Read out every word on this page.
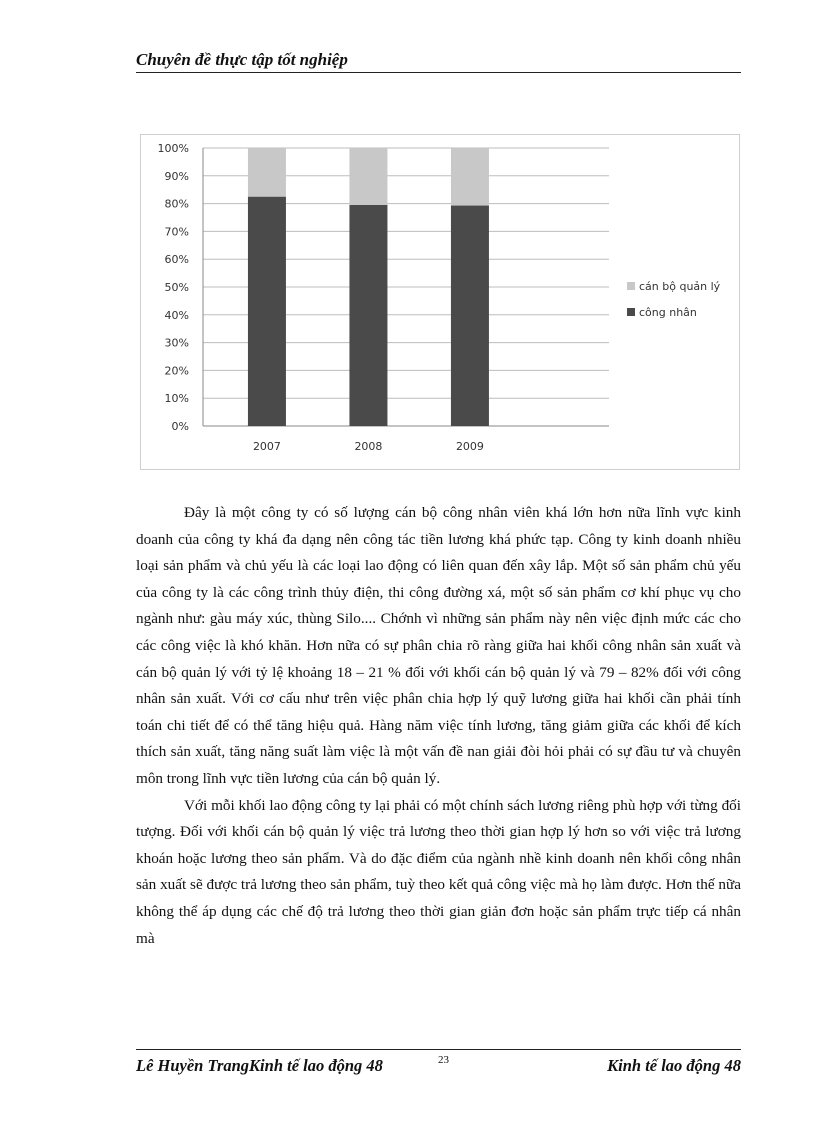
Chuyên đề thực tập tốt nghiệp
0%
10%
20%
30%
40%
50%
60%
70%
80%
90%
100%
2007	2008	2009
cán bộ quản lý
công nhân

Đây là một công ty có số lượng cán bộ công nhân viên khá lớn hơn nữa lĩnh vực kinh doanh của công ty khá đa dạng nên công tác tiền lương khá phức tạp. Công ty kinh doanh nhiều loại sản phẩm và chủ yếu là các loại lao động có liên quan đến xây lắp. Một số sản phẩm chủ yếu của công ty là các công trình thủy điện, thi công đường xá, một số sản phẩm cơ khí phục vụ cho ngành như: gàu máy xúc, thùng Silo.... Chớnh vì những sản phẩm này nên việc định mức các cho các công việc là khó khăn. Hơn nữa có sự phân chia rõ ràng giữa hai khối công nhân sản xuất và cán bộ quản lý với tỷ lệ khoảng 18 – 21 % đối với khối cán bộ quản lý và 79 – 82% đối với công nhân sản xuất. Với cơ cấu như trên việc phân chia hợp lý quỹ lương giữa hai khối cần phải tính toán chi tiết để có thể tăng hiệu quả. Hàng năm việc tính lương, tăng giảm giữa các khối để kích thích sản xuất, tăng năng suất làm việc là một vấn đề nan giải đòi hỏi phải có sự đầu tư và chuyên môn trong lĩnh vực tiền lương của cán bộ quản lý.

Với mỗi khối lao động công ty lại phải có một chính sách lương riêng phù hợp với từng đối tượng. Đối với khối cán bộ quản lý việc trả lương theo thời gian hợp lý hơn so với việc trả lương khoán hoặc lương theo sản phẩm. Và do đặc điểm của ngành nhề kinh doanh nên khối công nhân sản xuất sẽ được trả lương theo sản phẩm, tuỳ theo kết quả công việc mà họ làm được. Hơn thế nữa không thể áp dụng các chế độ trả lương theo thời gian giản đơn hoặc sản phẩm trực tiếp cá nhân mà

Lê Huyền TrangKinh tế lao động 48	23	Kinh tế lao động 48
